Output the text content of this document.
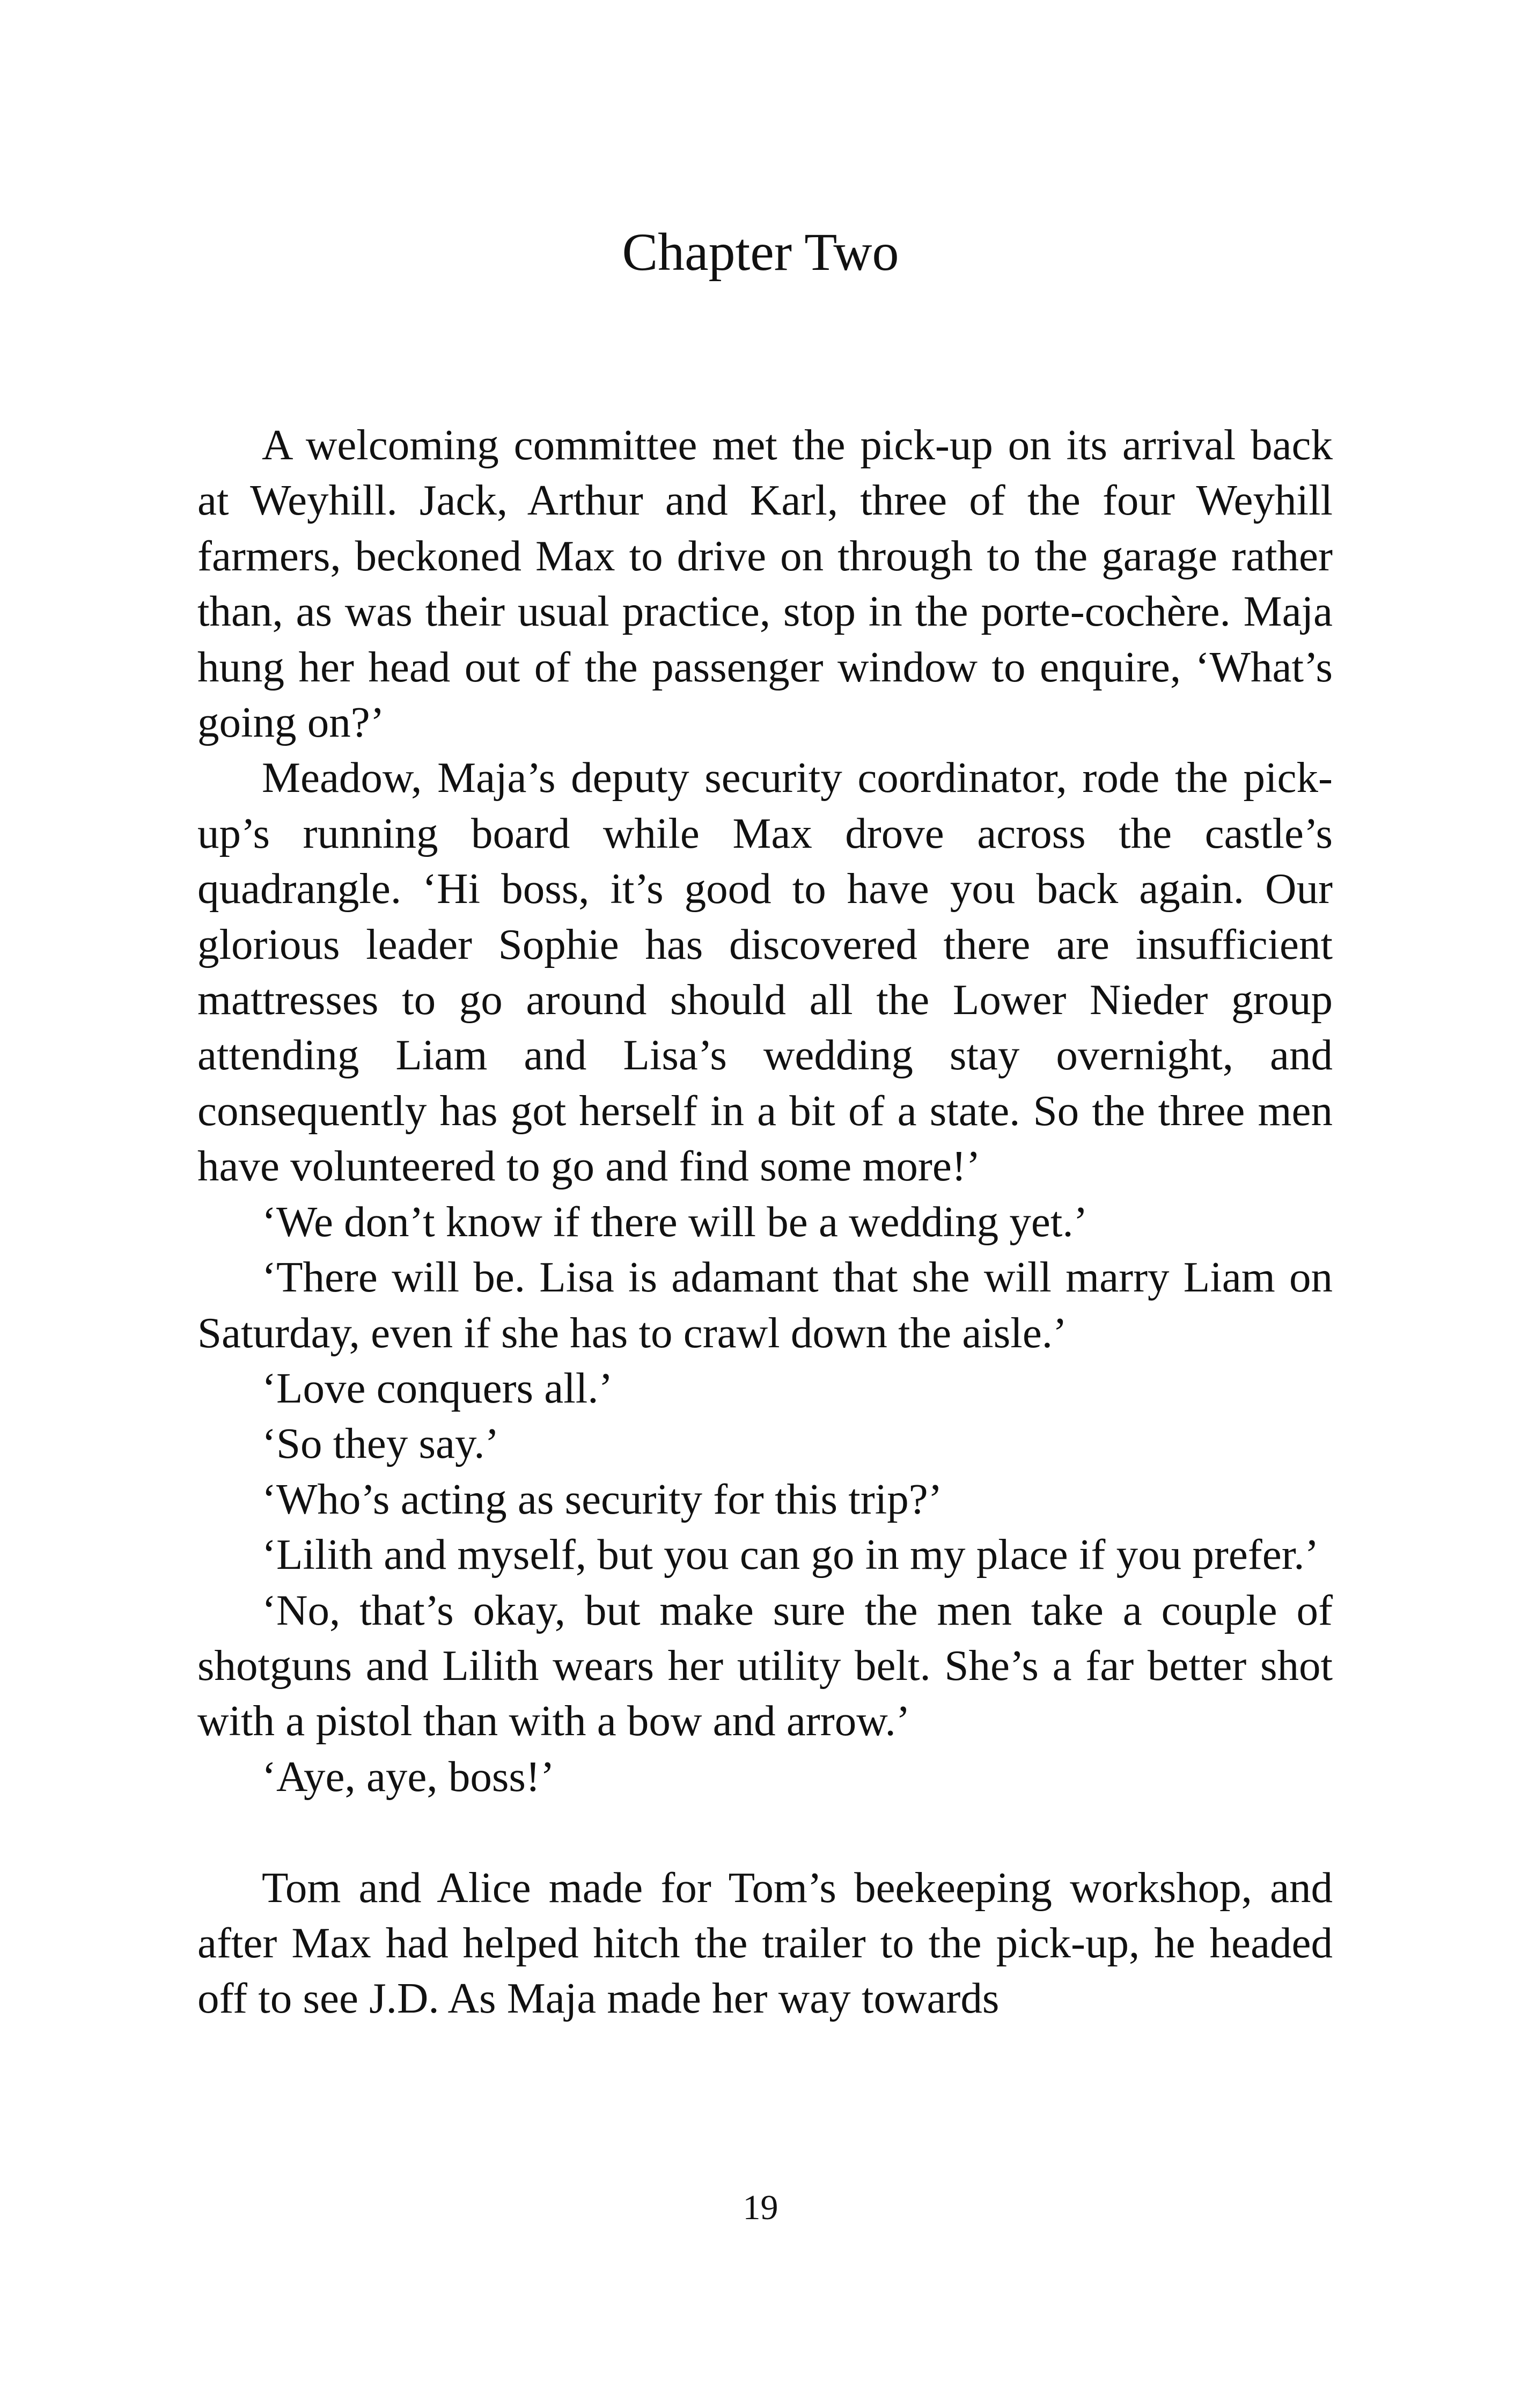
Chapter Two

A welcoming committee met the pick-up on its arrival back at Weyhill. Jack, Arthur and Karl, three of the four Weyhill farmers, beckoned Max to drive on through to the garage rather than, as was their usual practice, stop in the porte-cochère. Maja hung her head out of the passenger window to enquire, ‘What’s going on?’

Meadow, Maja’s deputy security coordinator, rode the pick-up’s running board while Max drove across the castle’s quadrangle. ‘Hi boss, it’s good to have you back again. Our glorious leader Sophie has discovered there are insufficient mattresses to go around should all the Lower Nieder group attending Liam and Lisa’s wedding stay overnight, and consequently has got herself in a bit of a state. So the three men have volunteered to go and find some more!’

‘We don’t know if there will be a wedding yet.’

‘There will be. Lisa is adamant that she will marry Liam on Saturday, even if she has to crawl down the aisle.’

‘Love conquers all.’

‘So they say.’

‘Who’s acting as security for this trip?’

‘Lilith and myself, but you can go in my place if you prefer.’

‘No, that’s okay, but make sure the men take a couple of shotguns and Lilith wears her utility belt. She’s a far better shot with a pistol than with a bow and arrow.’

‘Aye, aye, boss!’

Tom and Alice made for Tom’s beekeeping workshop, and after Max had helped hitch the trailer to the pick-up, he headed off to see J.D. As Maja made her way towards

19
